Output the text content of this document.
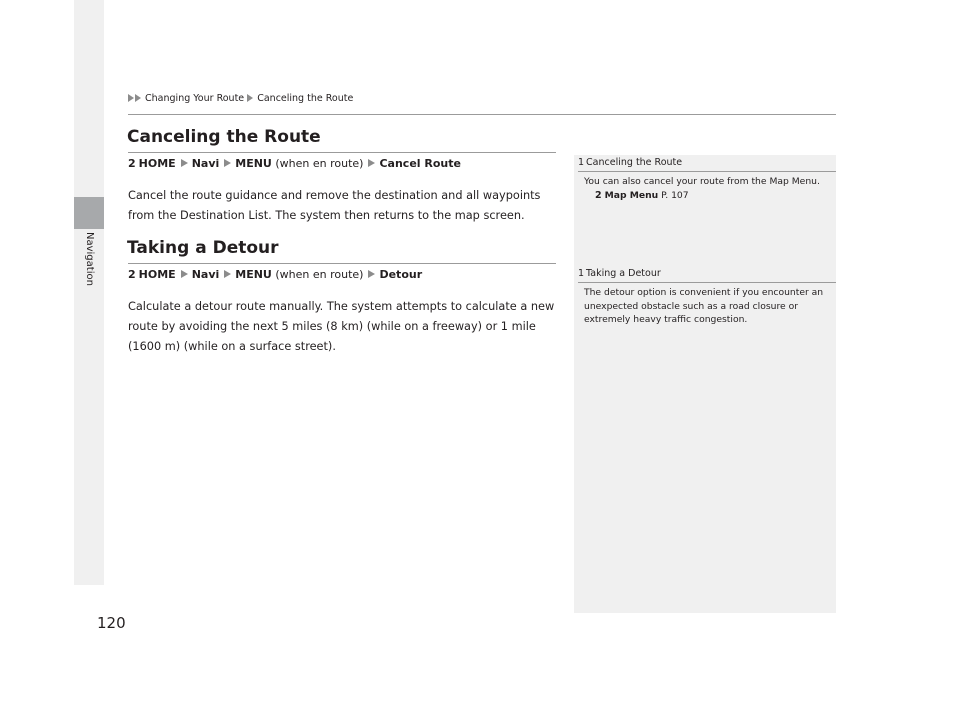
Navigation
Changing Your Route Canceling the Route
Canceling the Route
2 HOME Navi MENU (when en route) Cancel Route
Cancel the route guidance and remove the destination and all waypoints from the Destination List. The system then returns to the map screen.
Taking a Detour
2 HOME Navi MENU (when en route) Detour
Calculate a detour route manually. The system attempts to calculate a new route by avoiding the next 5 miles (8 km) (while on a freeway) or 1 mile (1600 m) (while on a surface street).
1 Canceling the Route
You can also cancel your route from the Map Menu.
2 Map Menu P. 107
1 Taking a Detour
The detour option is convenient if you encounter an unexpected obstacle such as a road closure or extremely heavy traffic congestion.
120
